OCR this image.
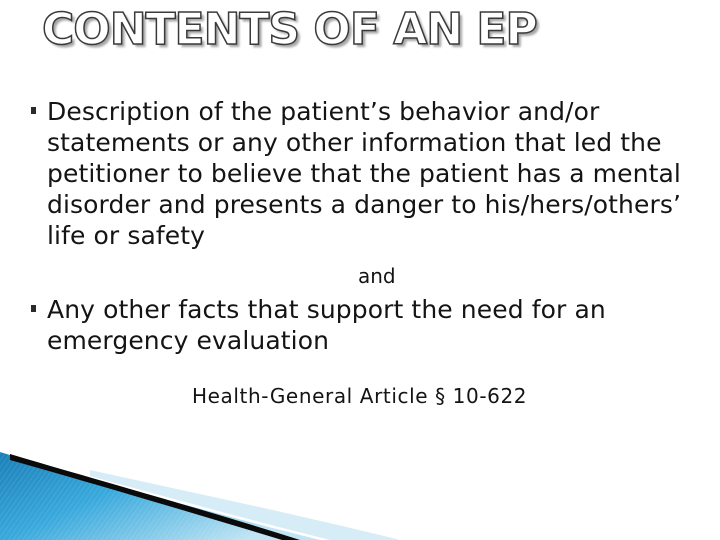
CONTENTS OF AN EP

Description of the patient’s behavior and/or statements or any other information that led the petitioner to believe that the patient has a mental disorder and presents a danger to his/hers/others’ life or safety

Any other facts that support the need for an emergency evaluation

and

Health-General Article § 10-622
